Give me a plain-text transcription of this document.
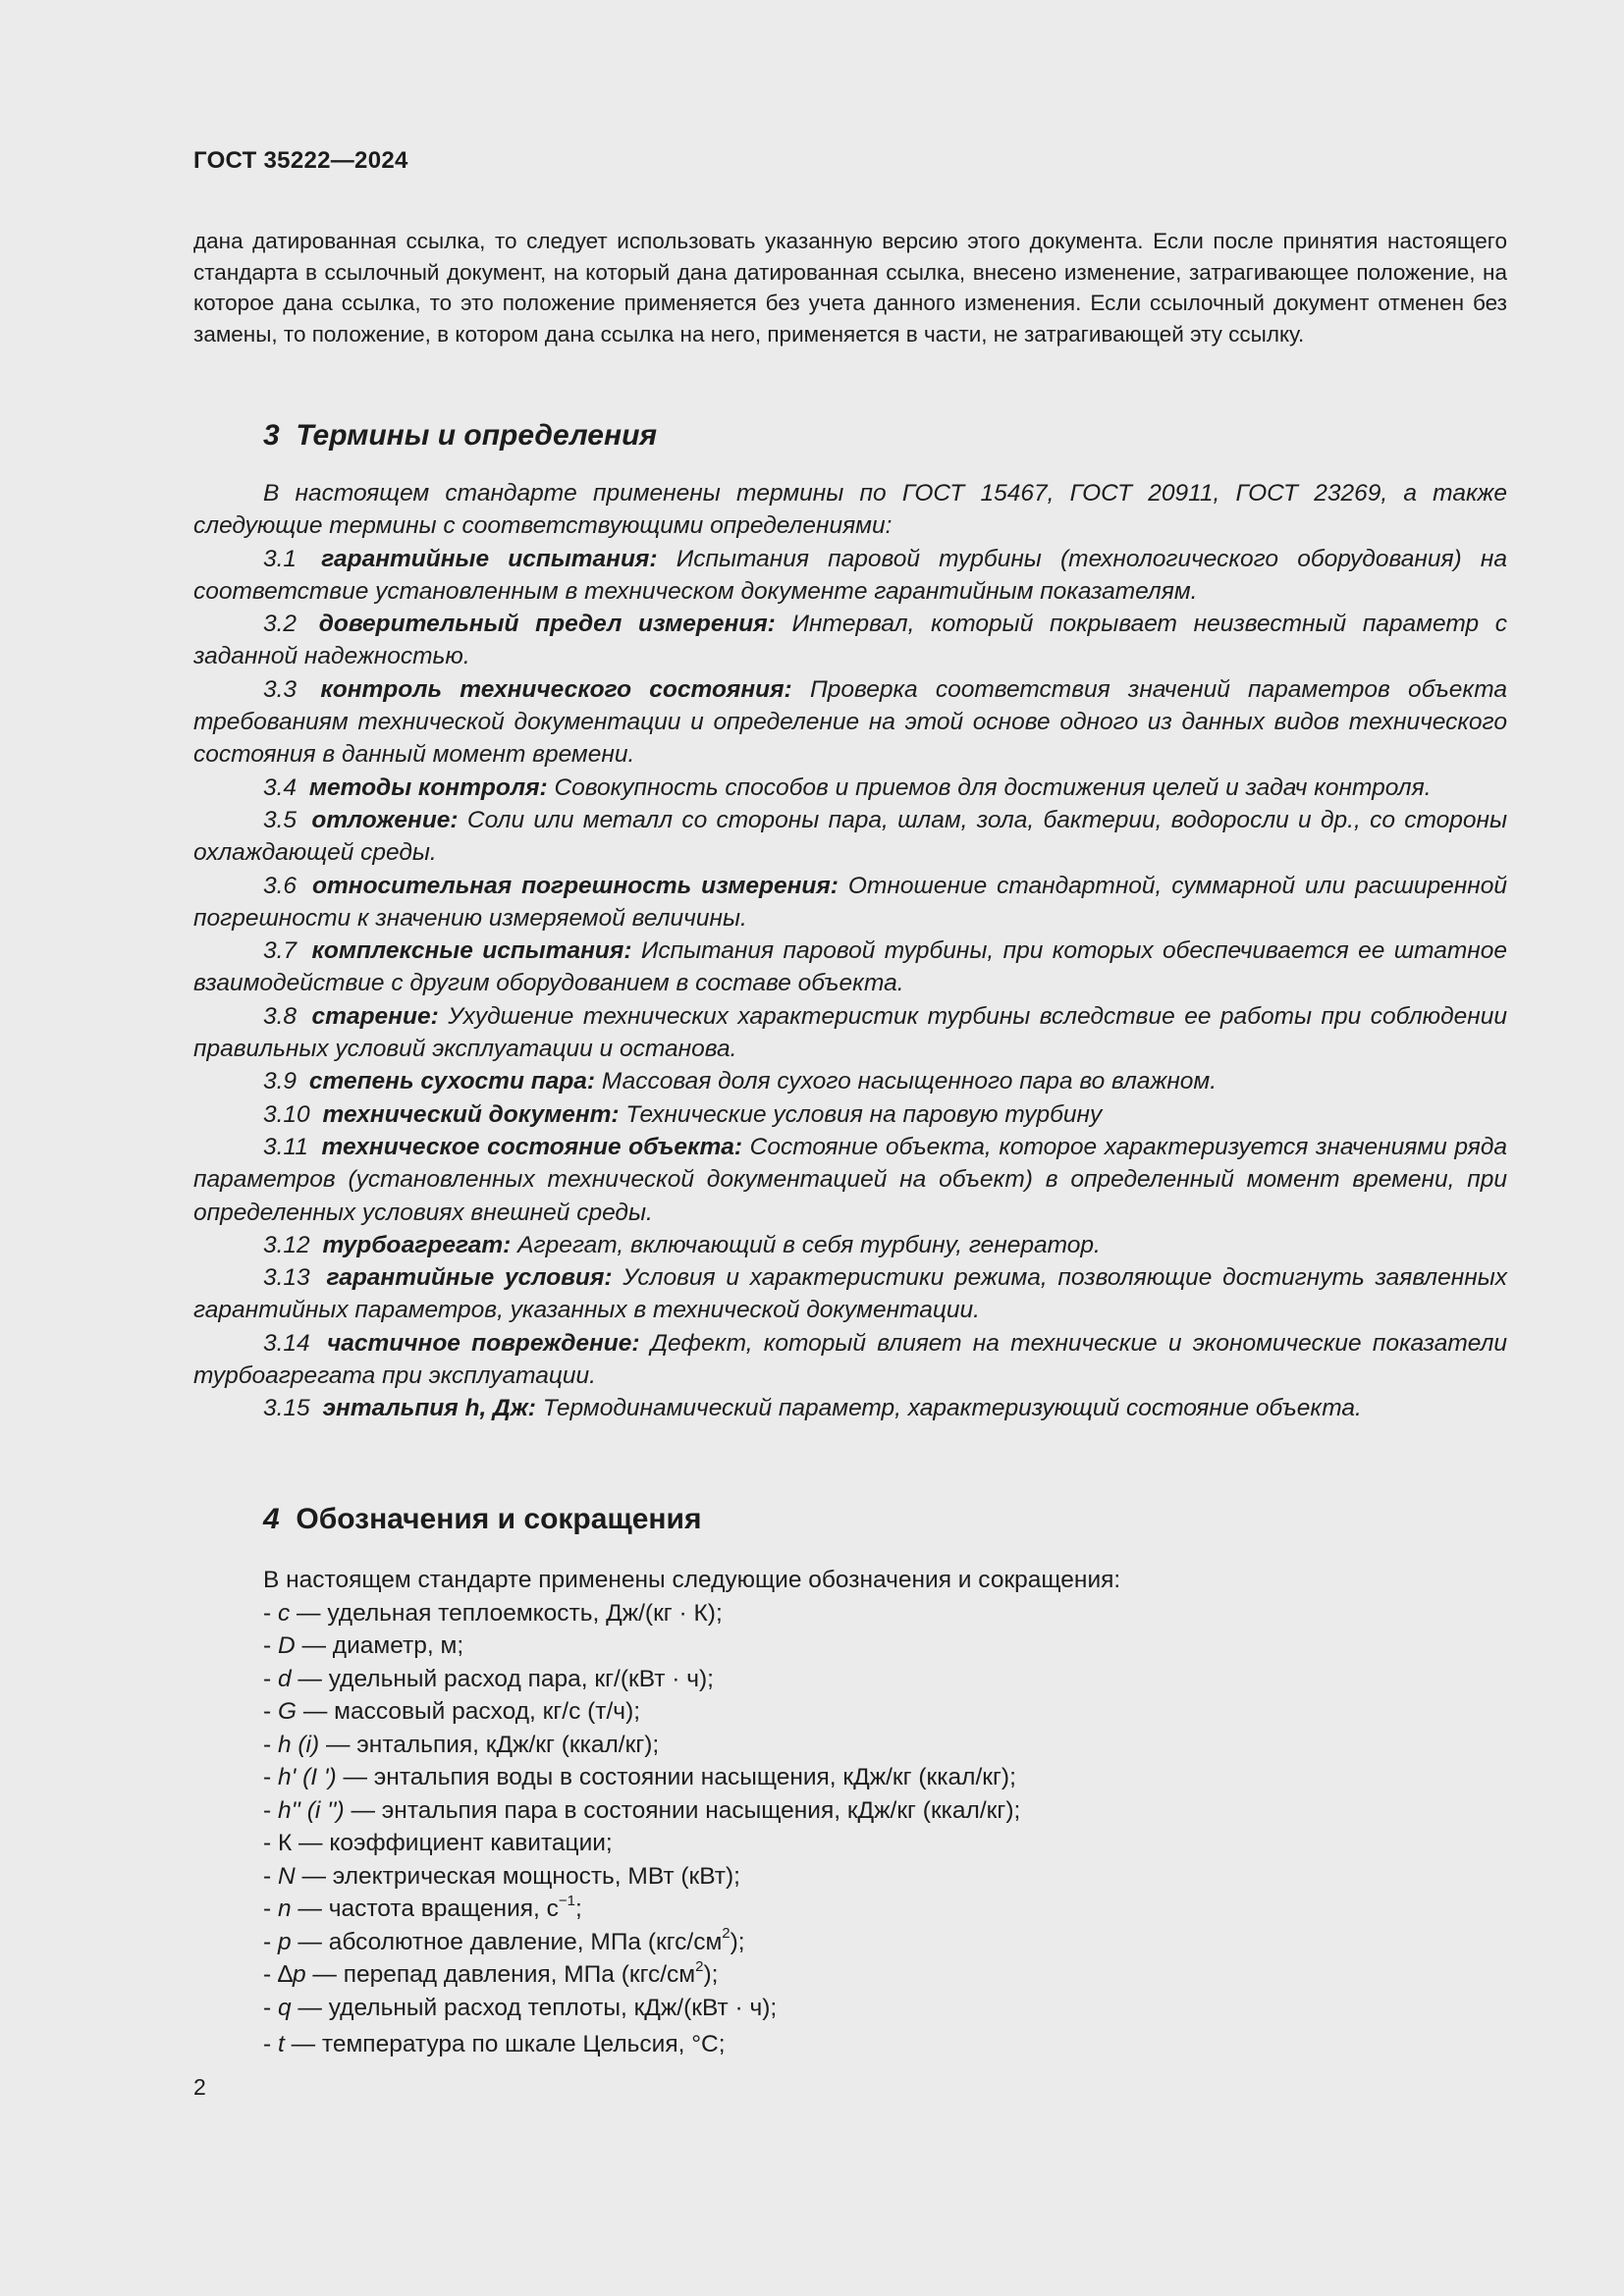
ГОСТ 35222—2024
дана датированная ссылка, то следует использовать указанную версию этого документа. Если после принятия настоящего стандарта в ссылочный документ, на который дана датированная ссылка, внесено изменение, затрагивающее положение, на которое дана ссылка, то это положение применяется без учета данного изменения. Если ссылочный документ отменен без замены, то положение, в котором дана ссылка на него, применяется в части, не затрагивающей эту ссылку.
3 Термины и определения

В настоящем стандарте применены термины по ГОСТ 15467, ГОСТ 20911, ГОСТ 23269, а также следующие термины с соответствующими определениями:

3.1 гарантийные испытания: Испытания паровой турбины (технологического оборудования) на соответствие установленным в техническом документе гарантийным показателям.

3.2 доверительный предел измерения: Интервал, который покрывает неизвестный параметр с заданной надежностью.

3.3 контроль технического состояния: Проверка соответствия значений параметров объекта требованиям технической документации и определение на этой основе одного из данных видов технического состояния в данный момент времени.

3.4 методы контроля: Совокупность способов и приемов для достижения целей и задач контроля.

3.5 отложение: Соли или металл со стороны пара, шлам, зола, бактерии, водоросли и др., со стороны охлаждающей среды.

3.6 относительная погрешность измерения: Отношение стандартной, суммарной или расширенной погрешности к значению измеряемой величины.

3.7 комплексные испытания: Испытания паровой турбины, при которых обеспечивается ее штатное взаимодействие с другим оборудованием в составе объекта.

3.8 старение: Ухудшение технических характеристик турбины вследствие ее работы при соблюдении правильных условий эксплуатации и останова.

3.9 степень сухости пара: Массовая доля сухого насыщенного пара во влажном.

3.10 технический документ: Технические условия на паровую турбину

3.11 техническое состояние объекта: Состояние объекта, которое характеризуется значениями ряда параметров (установленных технической документацией на объект) в определенный момент времени, при определенных условиях внешней среды.

3.12 турбоагрегат: Агрегат, включающий в себя турбину, генератор.

3.13 гарантийные условия: Условия и характеристики режима, позволяющие достигнуть заявленных гарантийных параметров, указанных в технической документации.

3.14 частичное повреждение: Дефект, который влияет на технические и экономические показатели турбоагрегата при эксплуатации.

3.15 энтальпия h, Дж: Термодинамический параметр, характеризующий состояние объекта.

4 Обозначения и сокращения
В настоящем стандарте применены следующие обозначения и сокращения:
- c — удельная теплоемкость, Дж/(кг · К);
- D — диаметр, м;
- d — удельный расход пара, кг/(кВт · ч);
- G — массовый расход, кг/с (т/ч);
- h (i) — энтальпия, кДж/кг (ккал/кг);
- h' (I ') — энтальпия воды в состоянии насыщения, кДж/кг (ккал/кг);
- h'' (i '') — энтальпия пара в состоянии насыщения, кДж/кг (ккал/кг);
- К — коэффициент кавитации;
- N — электрическая мощность, МВт (кВт);
- n — частота вращения, $с^{-1}$;
- p — абсолютное давление, МПа $(кгс/см^2)$;
- ∆p — перепад давления, МПа $(кгс/см^2)$;
- q — удельный расход теплоты, кДж/(кВт · ч);
- t — температура по шкале Цельсия, °С;
2
